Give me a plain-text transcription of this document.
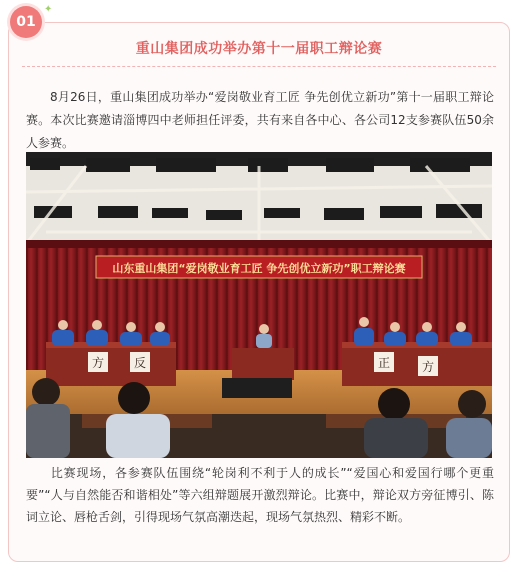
01
✦
重山集团成功举办第十一届职工辩论赛
8月26日，重山集团成功举办“爱岗敬业育工匠 争先创优立新功”第十一届职工辩论赛。本次比赛邀请淄博四中老师担任评委，共有来自各中心、各公司12支参赛队伍50余人参赛。
山东重山集团“爱岗敬业育工匠 争先创优立新功”职工辩论赛
方 反	正	方
比赛现场，各参赛队伍围绕“轮岗利不利于人的成长”“爱国心和爱国行哪个更重要”“人与自然能否和谐相处”等六组辩题展开激烈辩论。比赛中，辩论双方旁征博引、陈词立论、唇枪舌剑，引得现场气氛高潮迭起，现场气氛热烈、精彩不断。
